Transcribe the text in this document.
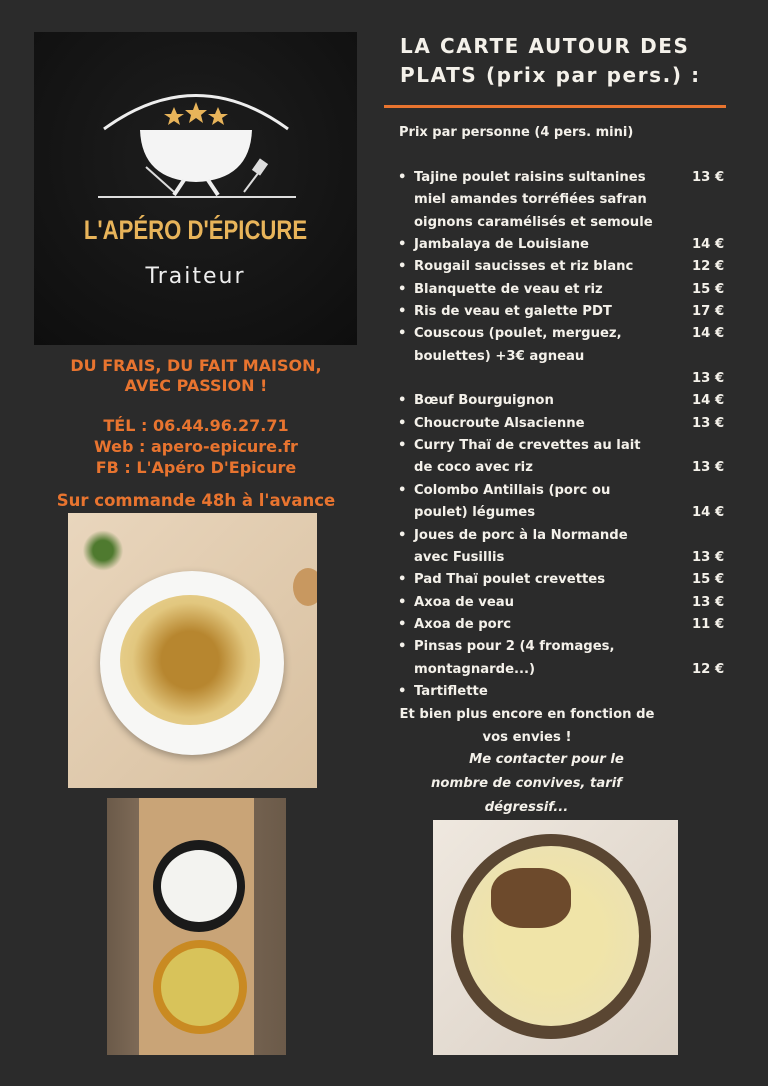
L'APÉRO D'ÉPICURE
Traiteur
DU FRAIS, DU FAIT MAISON,
AVEC PASSION !
TÉL : 06.44.96.27.71
Web : apero-epicure.fr
FB : L'Apéro D'Epicure
Sur commande 48h à l'avance
LA CARTE AUTOUR DES
PLATS (prix par pers.) :
Prix par personne (4 pers. mini)
• Tajine poulet raisins sultanines	13 €
miel amandes torréfiées safran
oignons caramélisés et semoule
• Jambalaya de Louisiane	14 €
• Rougail saucisses et riz blanc	12 €
• Blanquette de veau et riz	15 €
• Ris de veau et galette PDT	17 €
• Couscous (poulet, merguez,	14 €
boulettes) +3€ agneau
13 €
• Bœuf Bourguignon	14 €
• Choucroute Alsacienne	13 €
• Curry Thaï de crevettes au lait
de coco avec riz	13 €
• Colombo Antillais (porc ou
poulet) légumes	14 €
• Joues de porc à la Normande
avec Fusillis	13 €
• Pad Thaï poulet crevettes	15 €
• Axoa de veau	13 €
• Axoa de porc	11 €
• Pinsas pour 2 (4 fromages,
montagnarde...)	12 €
• Tartiflette
Et bien plus encore en fonction de
vos envies !
Me contacter pour le
nombre de convives, tarif
dégressif...
